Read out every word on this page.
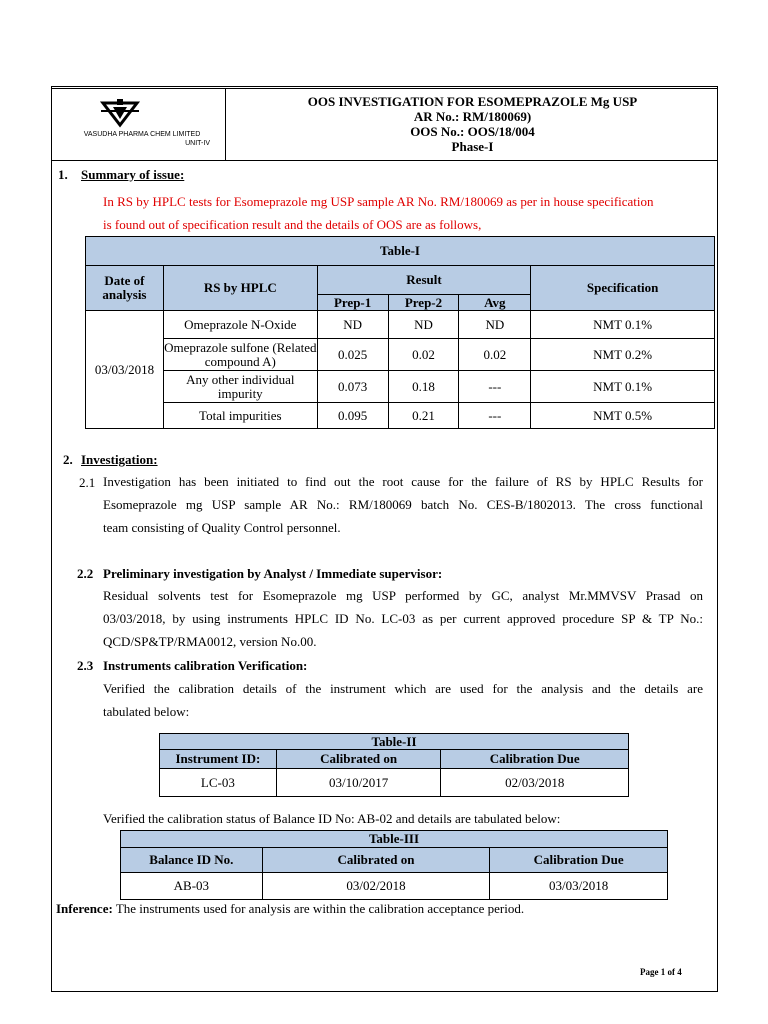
VASUDHA PHARMA CHEM LIMITED
UNIT-IV
OOS INVESTIGATION FOR ESOMEPRAZOLE Mg USP
AR No.: RM/180069)
OOS No.: OOS/18/004
Phase-I
1. Summary of issue:
In RS by HPLC tests for Esomeprazole mg USP sample AR No. RM/180069 as per in house specification
is found out of specification result and the details of OOS are as follows,
Table-I					
Date of analysis	RS by HPLC	Result			Specification
		Prep-1	Prep-2	Avg	
03/03/2018	Omeprazole N-Oxide	ND	ND	ND	NMT 0.1%
	Omeprazole sulfone (Related compound A)	0.025	0.02	0.02	NMT 0.2%
	Any other individual impurity	0.073	0.18	---	NMT 0.1%
	Total impurities	0.095	0.21	---	NMT 0.5%
2. Investigation:
2.1 Investigation has been initiated to find out the root cause for the failure of RS by HPLC Results for
Esomeprazole mg USP sample AR No.: RM/180069 batch No. CES-B/1802013. The cross functional
team consisting of Quality Control personnel.
2.2 Preliminary investigation by Analyst / Immediate supervisor:
Residual solvents test for Esomeprazole mg USP performed by GC, analyst Mr.MMVSV Prasad on
03/03/2018, by using instruments HPLC ID No. LC-03 as per current approved procedure SP & TP No.:
QCD/SP&TP/RMA0012, version No.00.
2.3 Instruments calibration Verification:
Verified the calibration details of the instrument which are used for the analysis and the details are
tabulated below:
Table-II		
Instrument ID:	Calibrated on	Calibration Due
LC-03	03/10/2017	02/03/2018
Verified the calibration status of Balance ID No: AB-02 and details are tabulated below:
Table-III		
Balance ID No.	Calibrated on	Calibration Due
AB-03	03/02/2018	03/03/2018
Inference: The instruments used for analysis are within the calibration acceptance period.
Page 1 of 4
